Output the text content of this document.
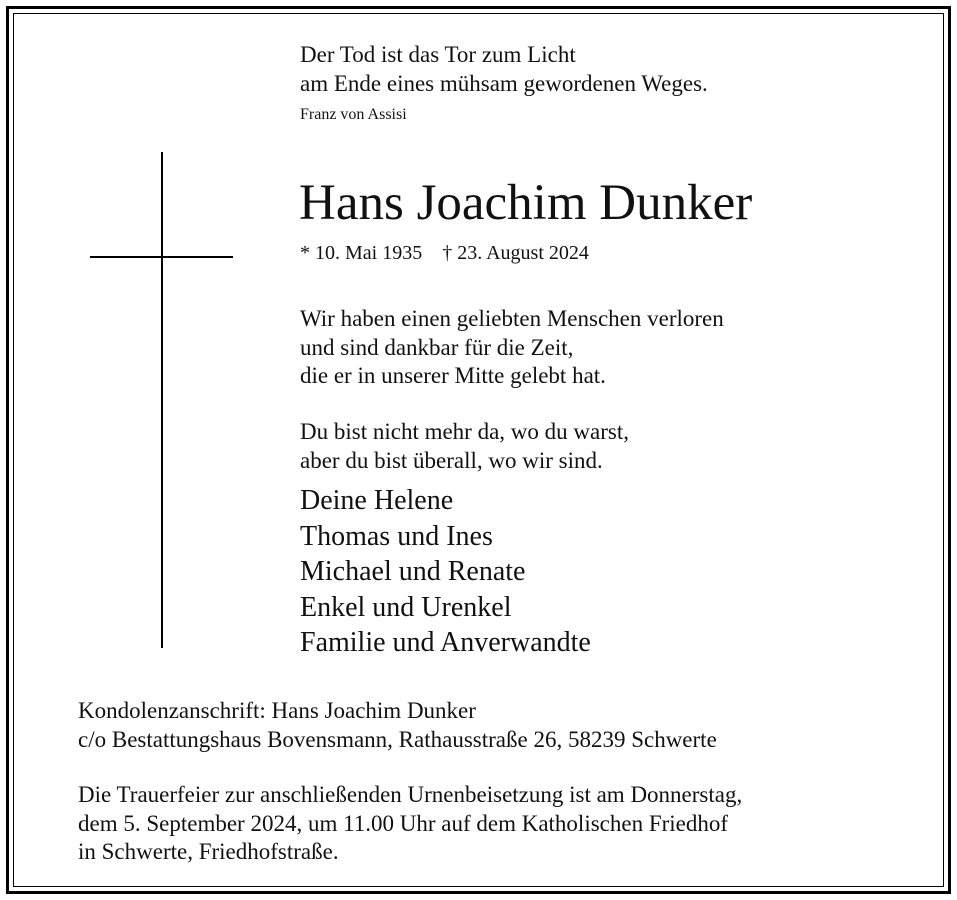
Der Tod ist das Tor zum Licht
am Ende eines mühsam gewordenen Weges.
Franz von Assisi
Hans Joachim Dunker
* 10. Mai 1935 † 23. August 2024
Wir haben einen geliebten Menschen verloren
und sind dankbar für die Zeit,
die er in unserer Mitte gelebt hat.
Du bist nicht mehr da, wo du warst,
aber du bist überall, wo wir sind.
Deine Helene
Thomas und Ines
Michael und Renate
Enkel und Urenkel
Familie und Anverwandte
Kondolenzanschrift: Hans Joachim Dunker
c/o Bestattungshaus Bovensmann, Rathausstraße 26, 58239 Schwerte
Die Trauerfeier zur anschließenden Urnenbeisetzung ist am Donnerstag,
dem 5. September 2024, um 11.00 Uhr auf dem Katholischen Friedhof
in Schwerte, Friedhofstraße.
